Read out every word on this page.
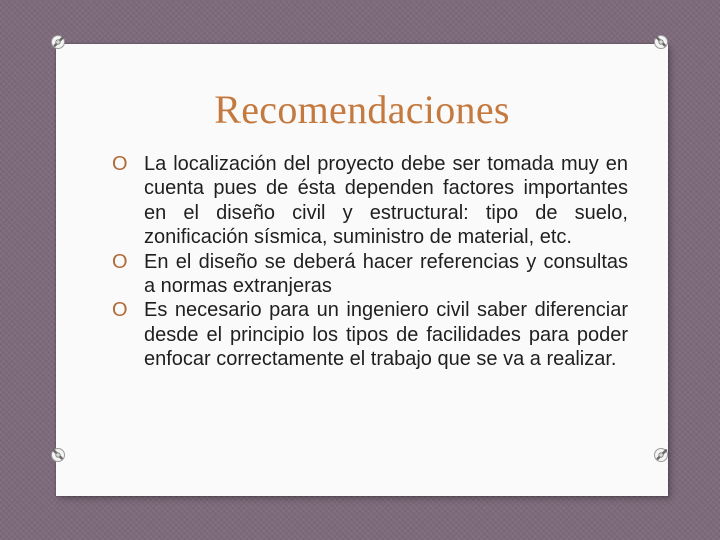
Recomendaciones
O La localización del proyecto debe ser tomada muy en cuenta pues de ésta dependen factores importantes en el diseño civil y estructural: tipo de suelo, zonificación sísmica, suministro de material, etc.
O En el diseño se deberá hacer referencias y consultas a normas extranjeras
O Es necesario para un ingeniero civil saber diferenciar desde el principio los tipos de facilidades para poder enfocar correctamente el trabajo que se va a realizar.
